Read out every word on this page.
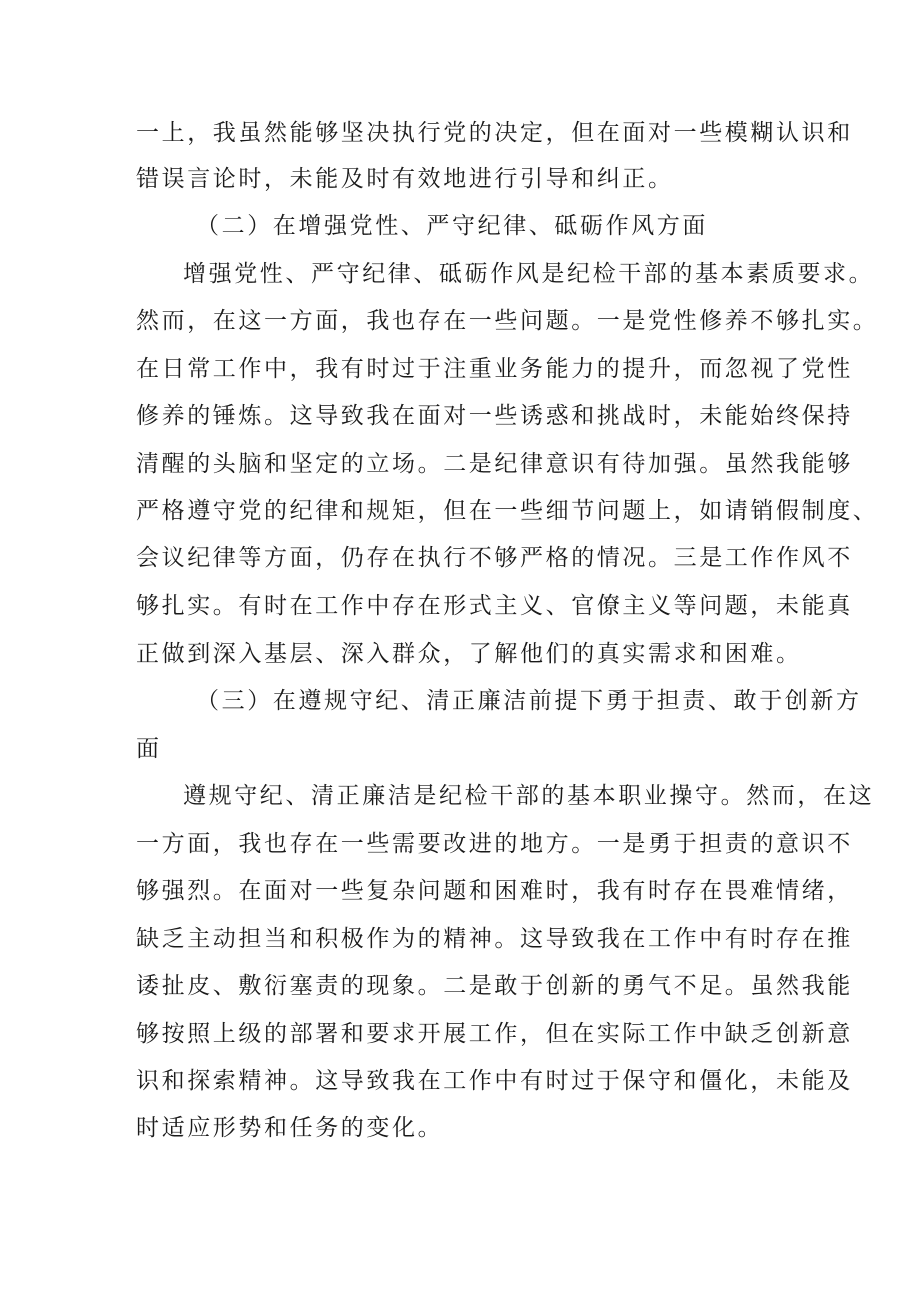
一上，我虽然能够坚决执行党的决定，但在面对一些模糊认识和
错误言论时，未能及时有效地进行引导和纠正。
（二）在增强党性、严守纪律、砥砺作风方面
增强党性、严守纪律、砥砺作风是纪检干部的基本素质要求。
然而，在这一方面，我也存在一些问题。一是党性修养不够扎实。
在日常工作中，我有时过于注重业务能力的提升，而忽视了党性
修养的锤炼。这导致我在面对一些诱惑和挑战时，未能始终保持
清醒的头脑和坚定的立场。二是纪律意识有待加强。虽然我能够
严格遵守党的纪律和规矩，但在一些细节问题上，如请销假制度、
会议纪律等方面，仍存在执行不够严格的情况。三是工作作风不
够扎实。有时在工作中存在形式主义、官僚主义等问题，未能真
正做到深入基层、深入群众，了解他们的真实需求和困难。
（三）在遵规守纪、清正廉洁前提下勇于担责、敢于创新方
面
遵规守纪、清正廉洁是纪检干部的基本职业操守。然而，在这
一方面，我也存在一些需要改进的地方。一是勇于担责的意识不
够强烈。在面对一些复杂问题和困难时，我有时存在畏难情绪，
缺乏主动担当和积极作为的精神。这导致我在工作中有时存在推
诿扯皮、敷衍塞责的现象。二是敢于创新的勇气不足。虽然我能
够按照上级的部署和要求开展工作，但在实际工作中缺乏创新意
识和探索精神。这导致我在工作中有时过于保守和僵化，未能及
时适应形势和任务的变化。
